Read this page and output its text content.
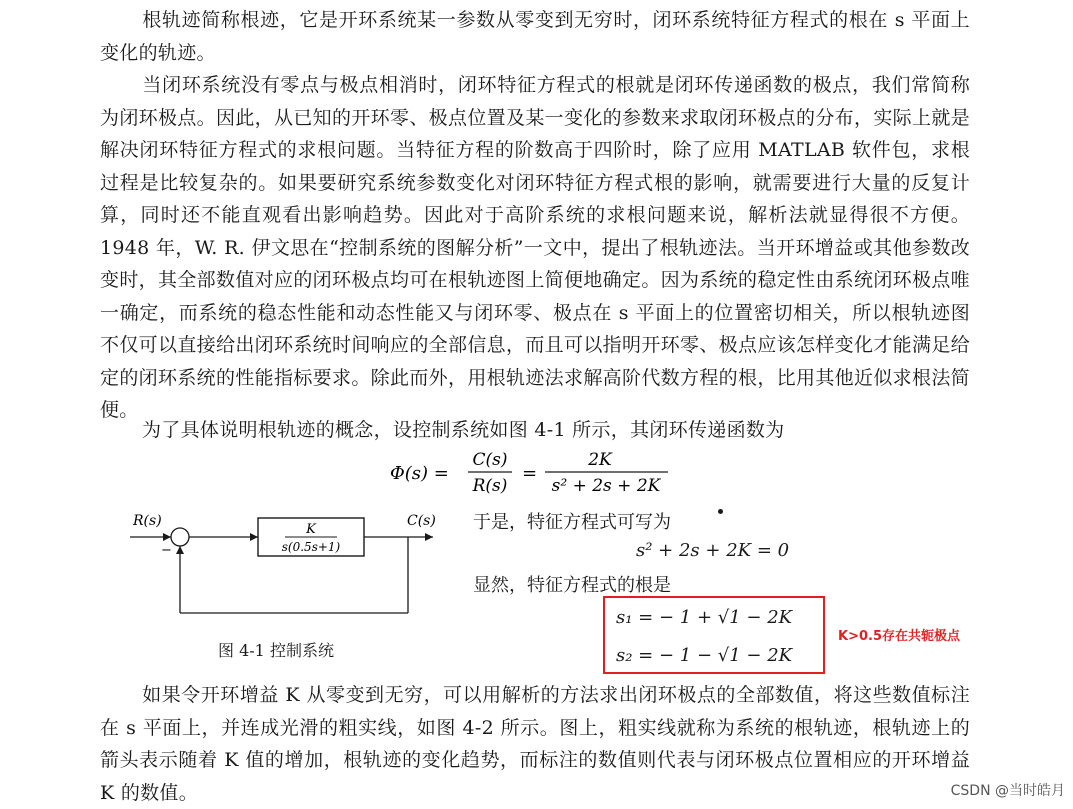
根轨迹简称根迹，它是开环系统某一参数从零变到无穷时，闭环系统特征方程式的根在 s 平面上变化的轨迹。
当闭环系统没有零点与极点相消时，闭环特征方程式的根就是闭环传递函数的极点，我们常简称为闭环极点。因此，从已知的开环零、极点位置及某一变化的参数来求取闭环极点的分布，实际上就是解决闭环特征方程式的求根问题。当特征方程的阶数高于四阶时，除了应用 MATLAB 软件包，求根过程是比较复杂的。如果要研究系统参数变化对闭环特征方程式根的影响，就需要进行大量的反复计算，同时还不能直观看出影响趋势。因此对于高阶系统的求根问题来说，解析法就显得很不方便。1948 年，W. R. 伊文思在“控制系统的图解分析”一文中，提出了根轨迹法。当开环增益或其他参数改变时，其全部数值对应的闭环极点均可在根轨迹图上简便地确定。因为系统的稳定性由系统闭环极点唯一确定，而系统的稳态性能和动态性能又与闭环零、极点在 s 平面上的位置密切相关，所以根轨迹图不仅可以直接给出闭环系统时间响应的全部信息，而且可以指明开环零、极点应该怎样变化才能满足给定的闭环系统的性能指标要求。除此而外，用根轨迹法求解高阶代数方程的根，比用其他近似求根法简便。
为了具体说明根轨迹的概念，设控制系统如图 4-1 所示，其闭环传递函数为
Φ(s) =
C(s)
R(s)
=
2K
s² + 2s + 2K
R(s)
−
K
s(0.5s+1)
C(s)
图 4-1 控制系统
于是，特征方程式可写为
s² + 2s + 2K = 0
显然，特征方程式的根是
s₁ = − 1 + √1 − 2K
s₂ = − 1 − √1 − 2K
K>0.5存在共轭极点
如果令开环增益 K 从零变到无穷，可以用解析的方法求出闭环极点的全部数值，将这些数值标注在 s 平面上，并连成光滑的粗实线，如图 4-2 所示。图上，粗实线就称为系统的根轨迹，根轨迹上的箭头表示随着 K 值的增加，根轨迹的变化趋势，而标注的数值则代表与闭环极点位置相应的开环增益 K 的数值。	CSDN @当时皓月
